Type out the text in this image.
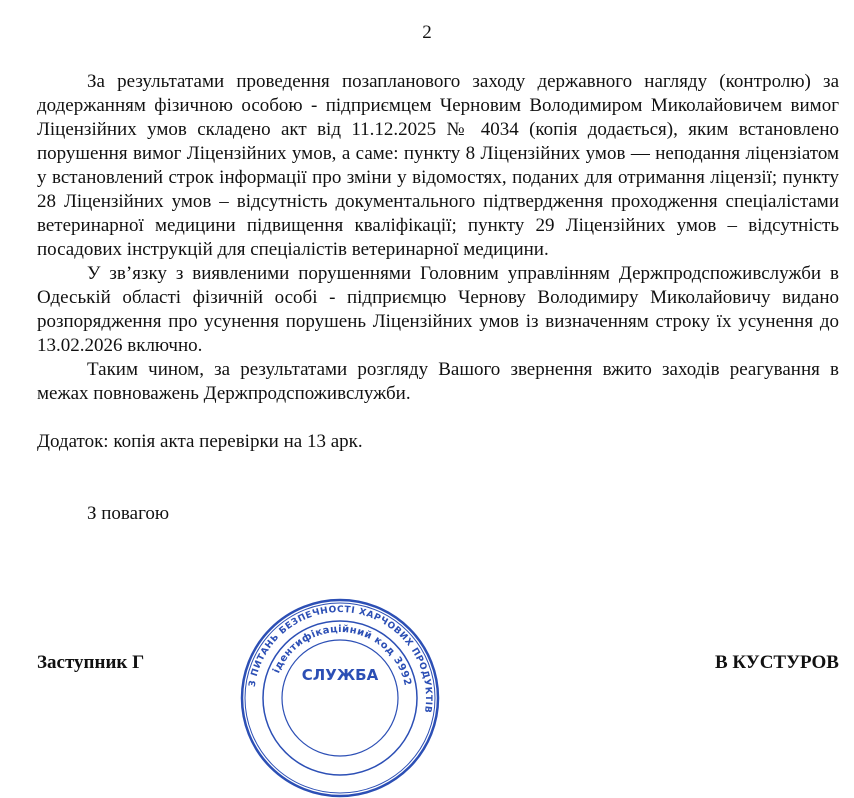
2

За результатами проведення позапланового заходу державного нагляду (контролю) за додержанням фізичною особою - підприємцем Черновим Володимиром Миколайовичем вимог Ліцензійних умов складено акт від 11.12.2025 № 4034 (копія додається), яким встановлено порушення вимог Ліцензійних умов, а саме: пункту 8 Ліцензійних умов — неподання ліцензіатом у встановлений строк інформації про зміни у відомостях, поданих для отримання ліцензії; пункту 28 Ліцензійних умов – відсутність документального підтвердження проходження спеціалістами ветеринарної медицини підвищення кваліфікації; пункту 29 Ліцензійних умов – відсутність посадових інструкцій для спеціалістів ветеринарної медицини.

У зв’язку з виявленими порушеннями Головним управлінням Держпродспоживслужби в Одеській області фізичній особі - підприємцю Чернову Володимиру Миколайовичу видано розпорядження про усунення порушень Ліцензійних умов із визначенням строку їх усунення до 13.02.2026 включно.

Таким чином, за результатами розгляду Вашого звернення вжито заходів реагування в межах повноважень Держпродспоживслужби.

Додаток: копія акта перевірки на 13 арк.

З повагою

Заступник Г	В КУСТУРОВ
З ПИТАНЬ БЕЗПЕЧНОСТІ ХАРЧОВИХ ПРОДУКТІВ
ідентифікаційний код 3992
СЛУЖБА
